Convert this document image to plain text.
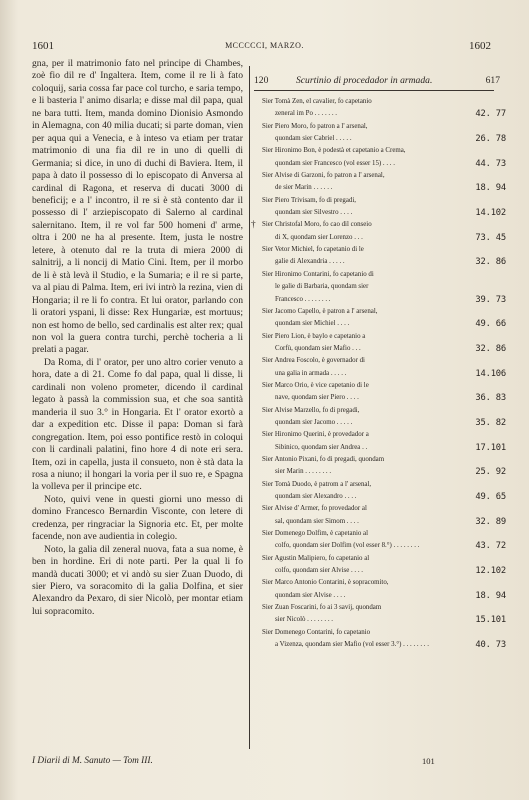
1601	MCCCCCI, MARZO.	1602

gna, per il matrimonio fato nel principe di Chambes, zoè fio dil re d' Ingaltera. Item, come il re li à fato coloquij, saria cossa far pace col turcho, e saria tempo, e li basteria l' animo disarla; e disse mal dil papa, qual ne bara tutti. Item, manda domino Dionisio Asmondo in Alemagna, con 40 milia ducati; si parte doman, vien per aqua qui a Venecia, e à inteso va etiam per tratar matrimonio di una fia dil re in uno di quelli di Germania; si dice, in uno di duchi di Baviera. Item, il papa à dato il possesso di lo episcopato di Anversa al cardinal di Ragona, et reserva di ducati 3000 di beneficij; e a l' incontro, il re si è stà contento dar il possesso di l' arziepiscopato di Salerno al cardinal salernitano. Item, il re vol far 500 homeni d' arme, oltra i 200 ne ha al presente. Item, justa le nostre letere, à otenuto dal re la truta di miera 2000 di salnitrij, a li noncij di Matio Cini. Item, per il morbo de li è stà levà il Studio, e la Sumaria; e il re si parte, va al piau di Palma. Item, eri ivi intrò la rezina, vien di Hongaria; il re li fo contra. Et lui orator, parlando con li oratori yspani, li disse: Rex Hungariæ, est mortuus; non est homo de bello, sed cardinalis est alter rex; qual non vol la guera contra turchi, perchè tocheria a li prelati a pagar.

Da Roma, di l' orator, per uno altro corier venuto a hora, date a dì 21. Come fo dal papa, qual li disse, li cardinali non voleno prometer, dicendo il cardinal legato à passà la commission sua, et che soa santità manderia il suo 3.° in Hongaria. Et l' orator exortò a dar a expedition etc. Disse il papa: Doman si farà congregation. Item, poi esso pontifice restò in coloqui con li cardinali palatini, fino hore 4 di note eri sera. Item, ozi in capella, justa il consueto, non è stà data la rosa a niuno; il hongari la voria per il suo re, e Spagna la volleva per il principe etc.

Noto, quivi vene in questi giorni uno messo di domino Francesco Bernardin Visconte, con letere di credenza, per ringraciar la Signoria etc. Et, per molte facende, non ave audientia in colegio.

Noto, la galia dil zeneral nuova, fata a sua nome, è ben in hordine. Eri di note parti. Per la qual li fo mandà ducati 3000; et vi andò su sier Zuan Duodo, di sier Piero, va soracomito di la galia Dolfina, et sier Alexandro da Pexaro, di sier Nicolò, per montar etiam lui sopracomito.

120	Scurtinio di procedador in armada.	617
Sier Tomà Zen, el cavalier, fo capetanio
zeneral im Po . . . . . . .	42. 77
Sier Piero Moro, fo patron a l' arsenal,
quondam sier Cabriel . . . . .	26. 78
Sier Hironimo Bon, è podestà et capetanio a Crema,
quondam sier Francesco (vol esser 15) . . . .	44. 73
Sier Alvise di Garzoni, fo patron a l' arsenal,
de sier Marin . . . . . .	18. 94
Sier Piero Trivisam, fo di pregadi,
quondam sier Silvestro . . . .	14.102
† Sier Christofal Moro, fo cao dil conseio
di X, quondam sier Lorenzo . . .	73. 45
Sier Vetor Michiel, fo capetanio di le
galie di Alexandria . . . . .	32. 86
Sier Hironimo Contarini, fo capetanio di
le galie di Barbaria, quondam sier
Francesco . . . . . . . .	39. 73
Sier Jacomo Capello, è patron a l' arsenal,
quondam sier Michiel . . . .	49. 66
Sier Piero Lion, è baylo e capetanio a
Corfù, quondam sier Mafio . . .	32. 86
Sier Andrea Foscolo, è governador di
una galia in armada . . . . .	14.106
Sier Marco Orio, è vice capetanio di le
nave, quondam sier Piero . . . .	36. 83
Sier Alvise Marzello, fo di pregadi,
quondam sier Jacomo . . . . .	35. 82
Sier Hironimo Querini, è provedador a
Sibinico, quondam sier Andrea . .	17.101
Sier Antonio Pixani, fo di pregadi, quondam
sier Marin . . . . . . . .	25. 92
Sier Tomà Duodo, è patrom a l' arsenal,
quondam sier Alexandro . . . .	49. 65
Sier Alvise d' Armer, fo provedador al
sal, quondam sier Simom . . . .	32. 89
Sier Domenego Dolfim, è capetanio al
colfo, quondam sier Dolfim (vol esser 8.°) . . . . . . . .	43. 72
Sier Agustin Malipiero, fo capetanio al
colfo, quondam sier Alvise . . . .	12.102
Sier Marco Antonio Contarini, è sopracomito,
quondam sier Alvise . . . .	18. 94
Sier Zuan Foscarini, fo ai 3 savij, quondam
sier Nicolò . . . . . . . .	15.101
Sier Domenego Contarini, fo capetanio
a Vizenza, quondam sier Mafio (vol esser 3.°) . . . . . . . .	40. 73
I Diarii di M. Sanuto — Tom III.	101
